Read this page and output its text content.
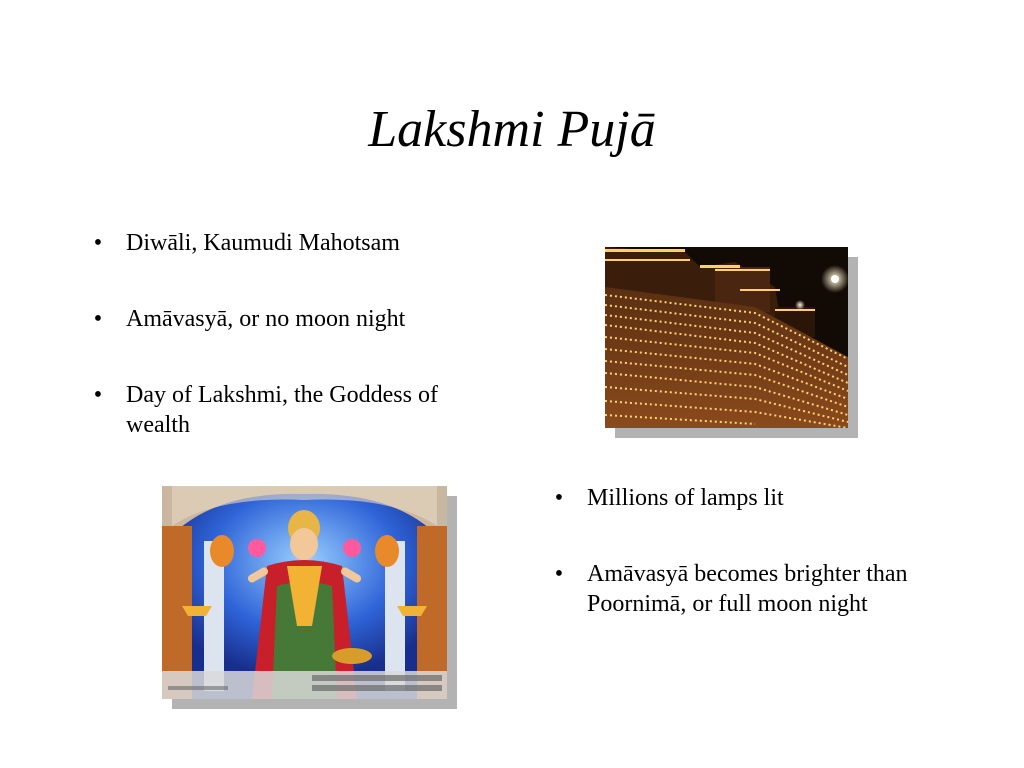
Lakshmi Pujā
• Diwāli, Kaumudi Mahotsam
• Amāvasyā, or no moon night
• Day of Lakshmi, the Goddess of wealth
• Millions of lamps lit
• Amāvasyā becomes brighter than Poornimā, or full moon night
